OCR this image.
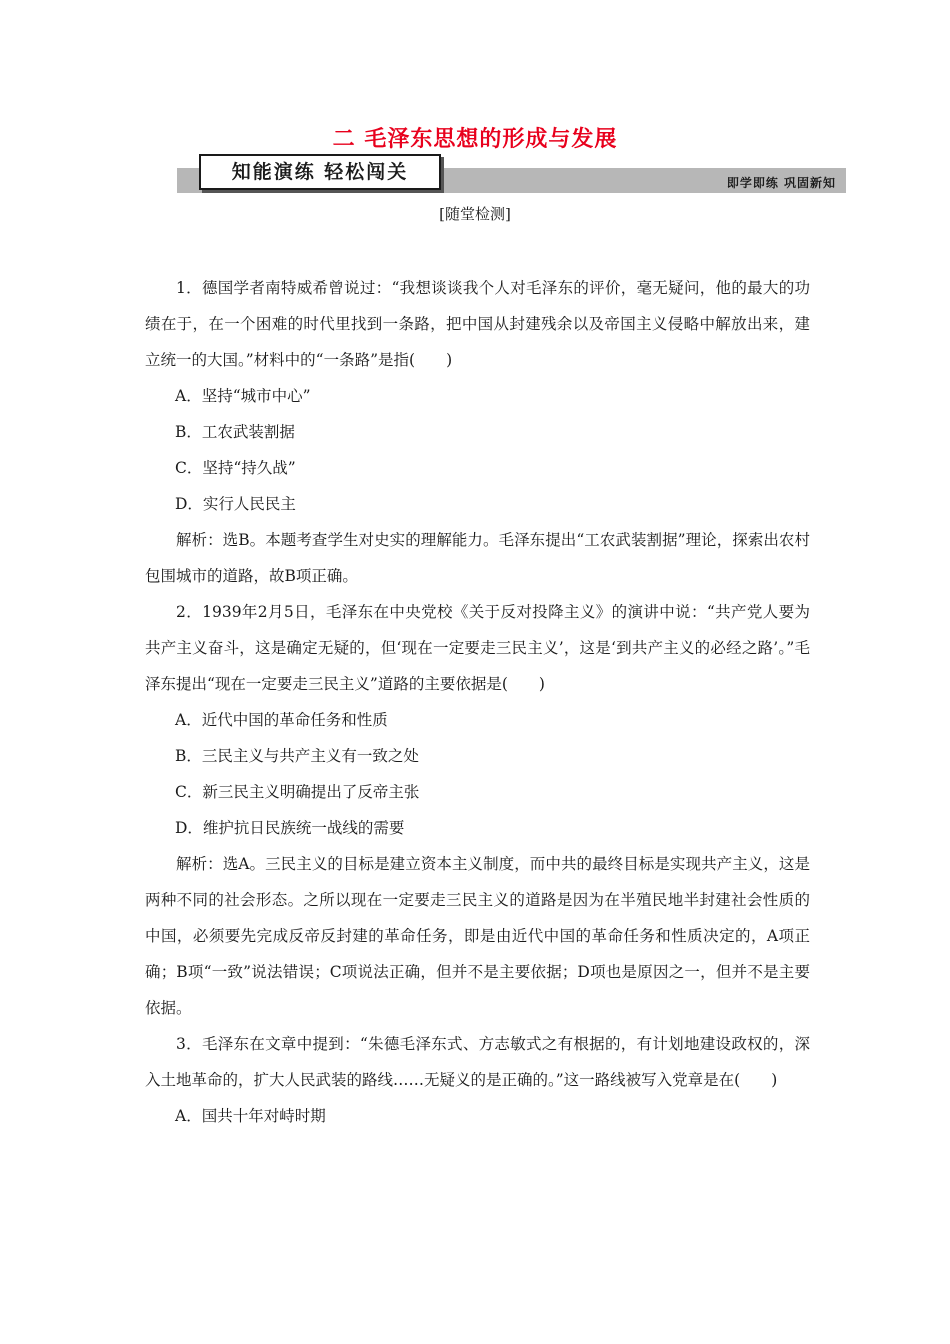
二 毛泽东思想的形成与发展
知能演练 轻松闯关	即学即练 巩固新知
[随堂检测]

1．德国学者南特威希曾说过：“我想谈谈我个人对毛泽东的评价，毫无疑问，他的最大的功绩在于，在一个困难的时代里找到一条路，把中国从封建残余以及帝国主义侵略中解放出来，建立统一的大国。”材料中的“一条路”是指(　　)

A．坚持“城市中心”

B．工农武装割据

C．坚持“持久战”

D．实行人民民主

解析：选B。本题考查学生对史实的理解能力。毛泽东提出“工农武装割据”理论，探索出农村包围城市的道路，故B项正确。

2．1939年2月5日，毛泽东在中央党校《关于反对投降主义》的演讲中说：“共产党人要为共产主义奋斗，这是确定无疑的，但‘现在一定要走三民主义’，这是‘到共产主义的必经之路’。”毛泽东提出“现在一定要走三民主义”道路的主要依据是(　　)

A．近代中国的革命任务和性质

B．三民主义与共产主义有一致之处

C．新三民主义明确提出了反帝主张

D．维护抗日民族统一战线的需要

解析：选A。三民主义的目标是建立资本主义制度，而中共的最终目标是实现共产主义，这是两种不同的社会形态。之所以现在一定要走三民主义的道路是因为在半殖民地半封建社会性质的中国，必须要先完成反帝反封建的革命任务，即是由近代中国的革命任务和性质决定的，A项正确；B项“一致”说法错误；C项说法正确，但并不是主要依据；D项也是原因之一，但并不是主要依据。

3．毛泽东在文章中提到：“朱德毛泽东式、方志敏式之有根据的，有计划地建设政权的，深入土地革命的，扩大人民武装的路线……无疑义的是正确的。”这一路线被写入党章是在(　　)

A．国共十年对峙时期
